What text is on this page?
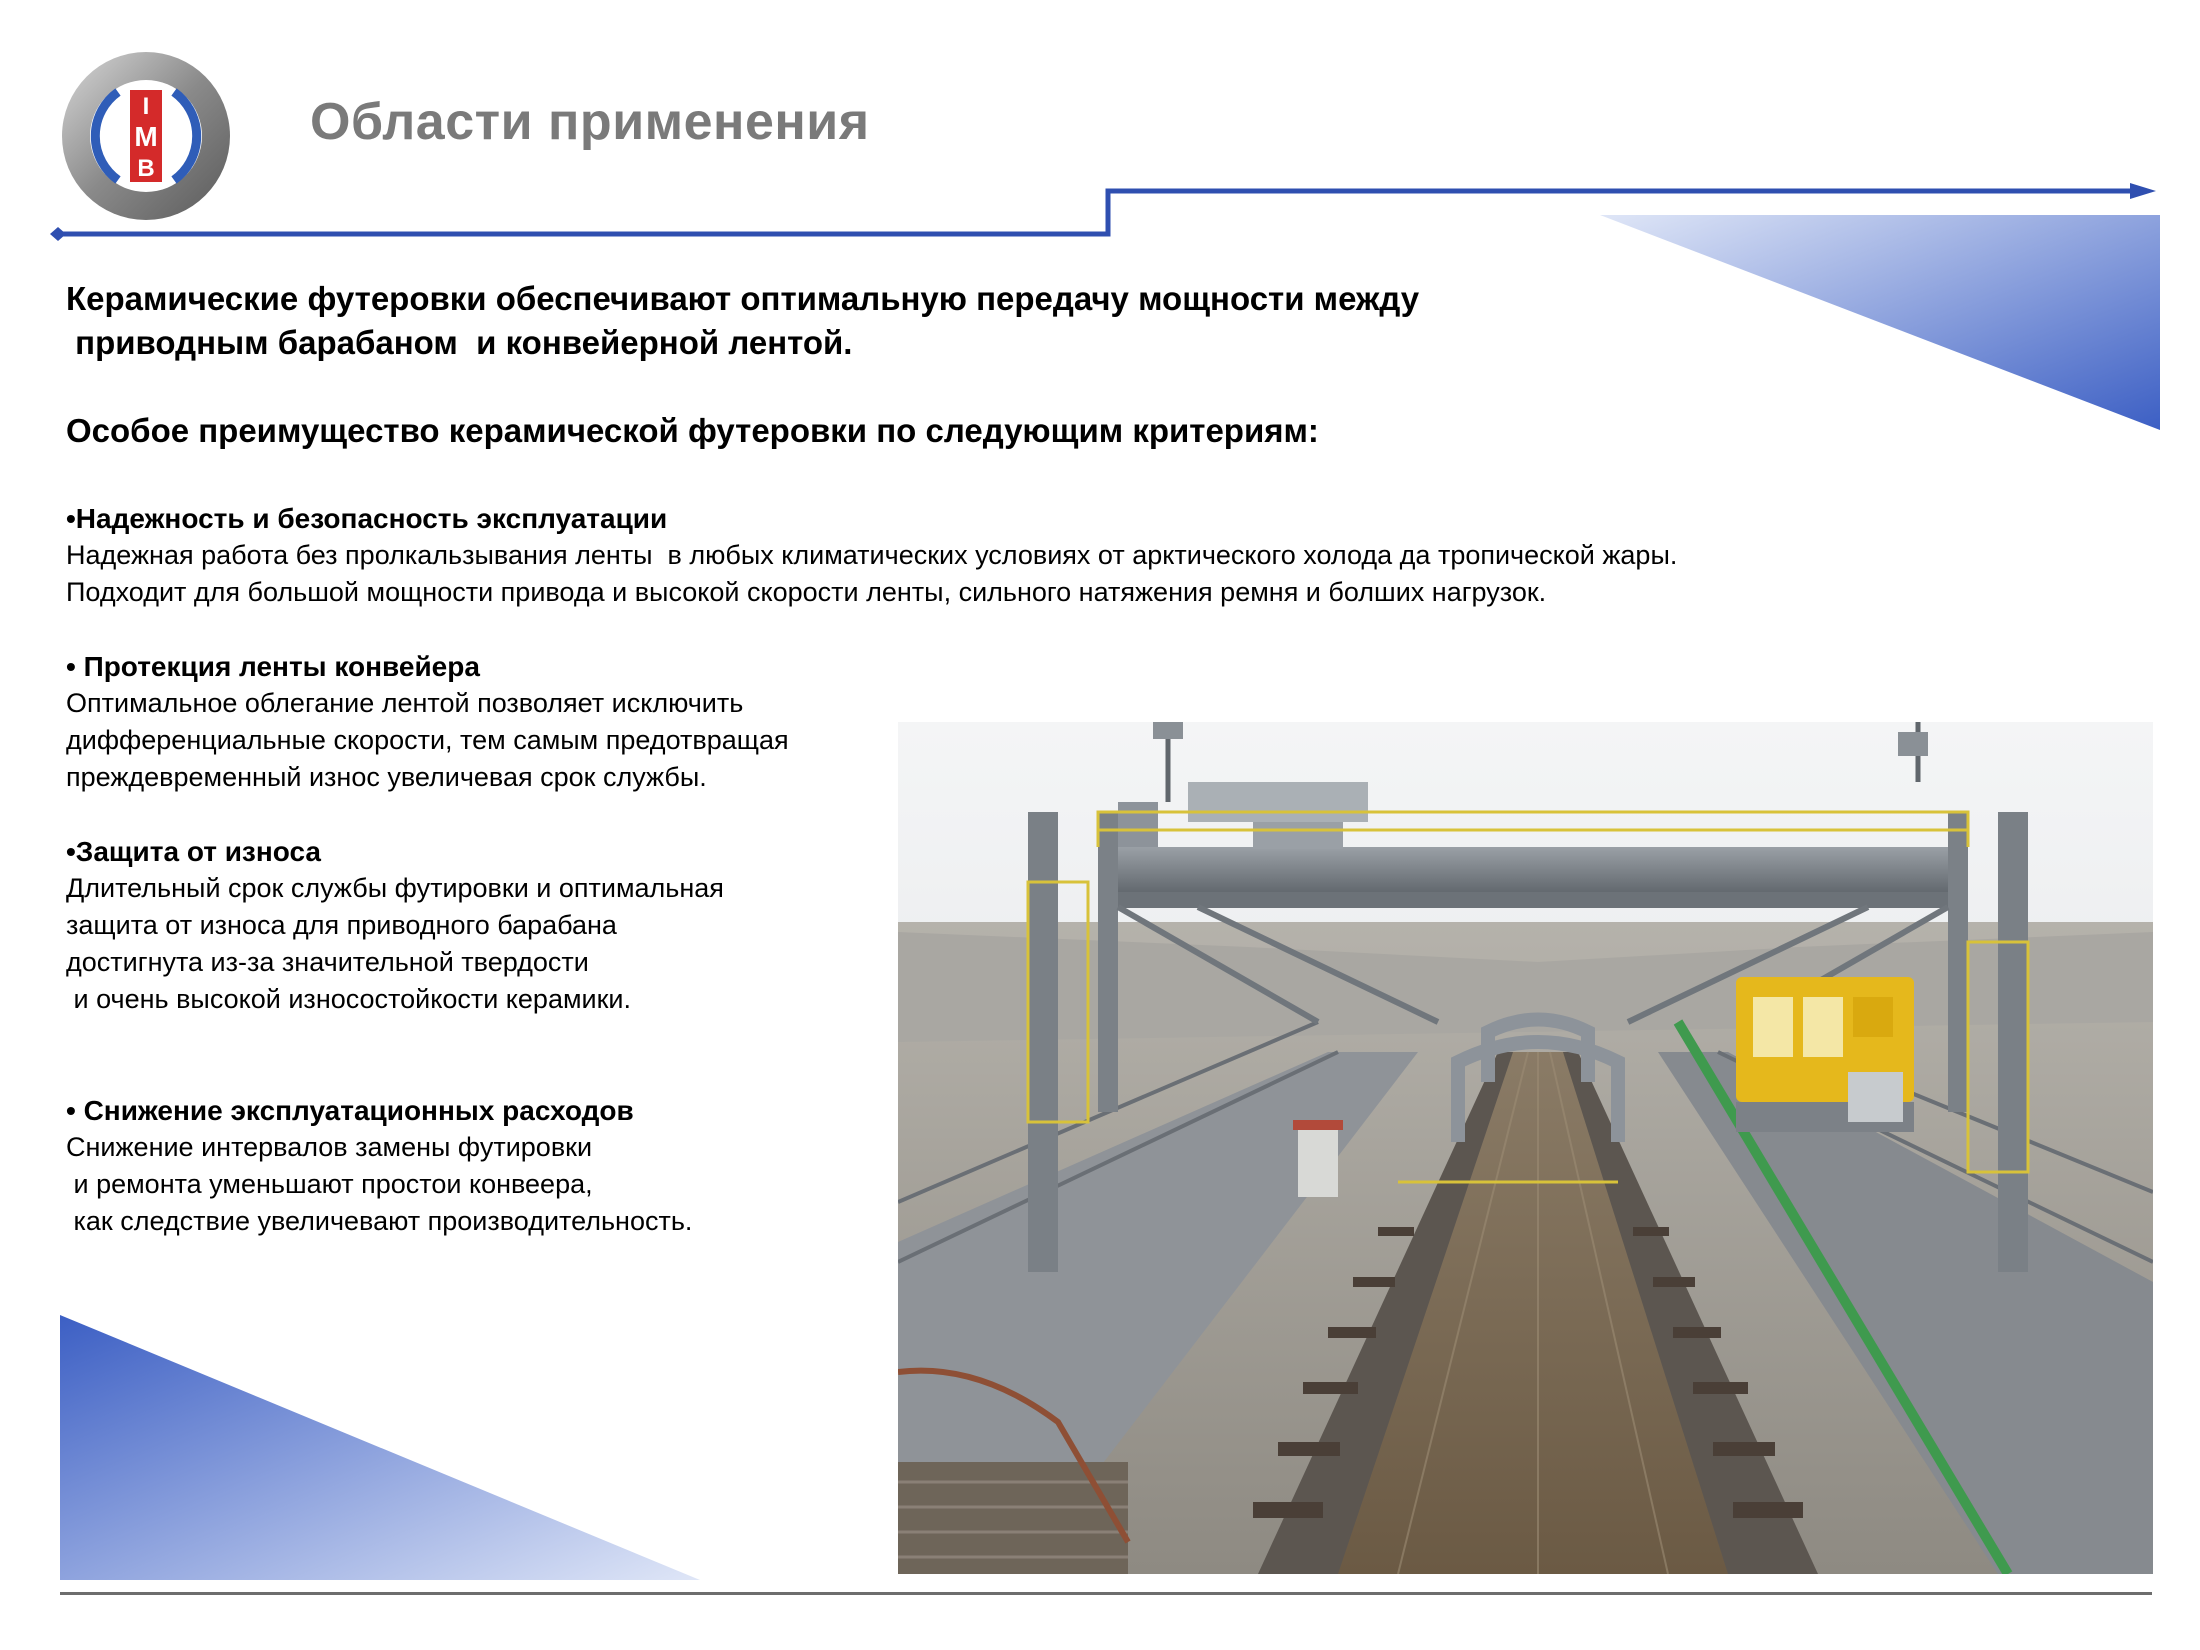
I
M
B
Области применения
Керамические футеровки обеспечивают оптимальную передачу мощности между
приводным барабаном  и конвейерной лентой.
Особое преимущество керамической футеровки по следующим критериям:
•Надежность и безопасность эксплуатации
Надежная работа без пролкальзывания ленты  в любых климатических условиях от арктического холода да тропической жары.
Подходит для большой мощности привода и высокой скорости ленты, сильного натяжения ремня и болших нагрузок.
• Протекция ленты конвейера
Оптимальное облегание лентой позволяет исключить
дифференциальные скорости, тем самым предотвращая
преждевременный износ увеличевая срок службы.
•Защита от износа
Длительный срок службы футировки и оптимальная
защита от износа для приводного барабана
достигнута из-за значительной твердости
и очень высокой износостойкости керамики.
• Снижение эксплуатационных расходов
Снижение интервалов замены футировки
и ремонта уменьшают простои конвеера,
как следствие увеличевают производительность.
